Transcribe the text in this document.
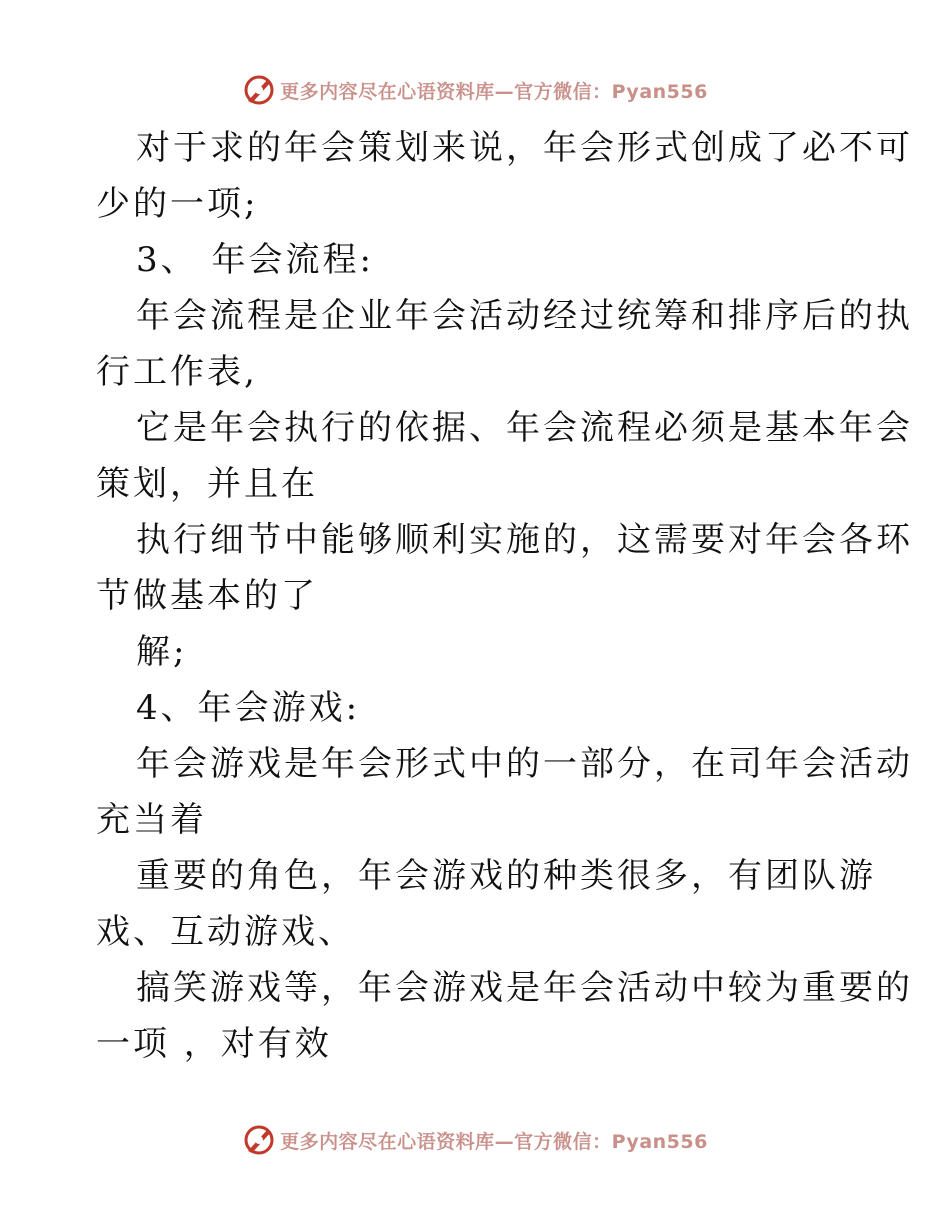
更多内容尽在心语资料库—官方微信：Pyan556
对于求的年会策划来说，年会形式创成了必不可
少的一项;
3、 年会流程:
年会流程是企业年会活动经过统筹和排序后的执
行工作表,
它是年会执行的依据、年会流程必须是基本年会
策划，并且在
执行细节中能够顺利实施的，这需要对年会各环
节做基本的了
解;
4、年会游戏:
年会游戏是年会形式中的一部分，在司年会活动
充当着
重要的角色，年会游戏的种类很多，有团队游
戏、互动游戏、
搞笑游戏等，年会游戏是年会活动中较为重要的
一项 ，对有效
更多内容尽在心语资料库—官方微信：Pyan556
